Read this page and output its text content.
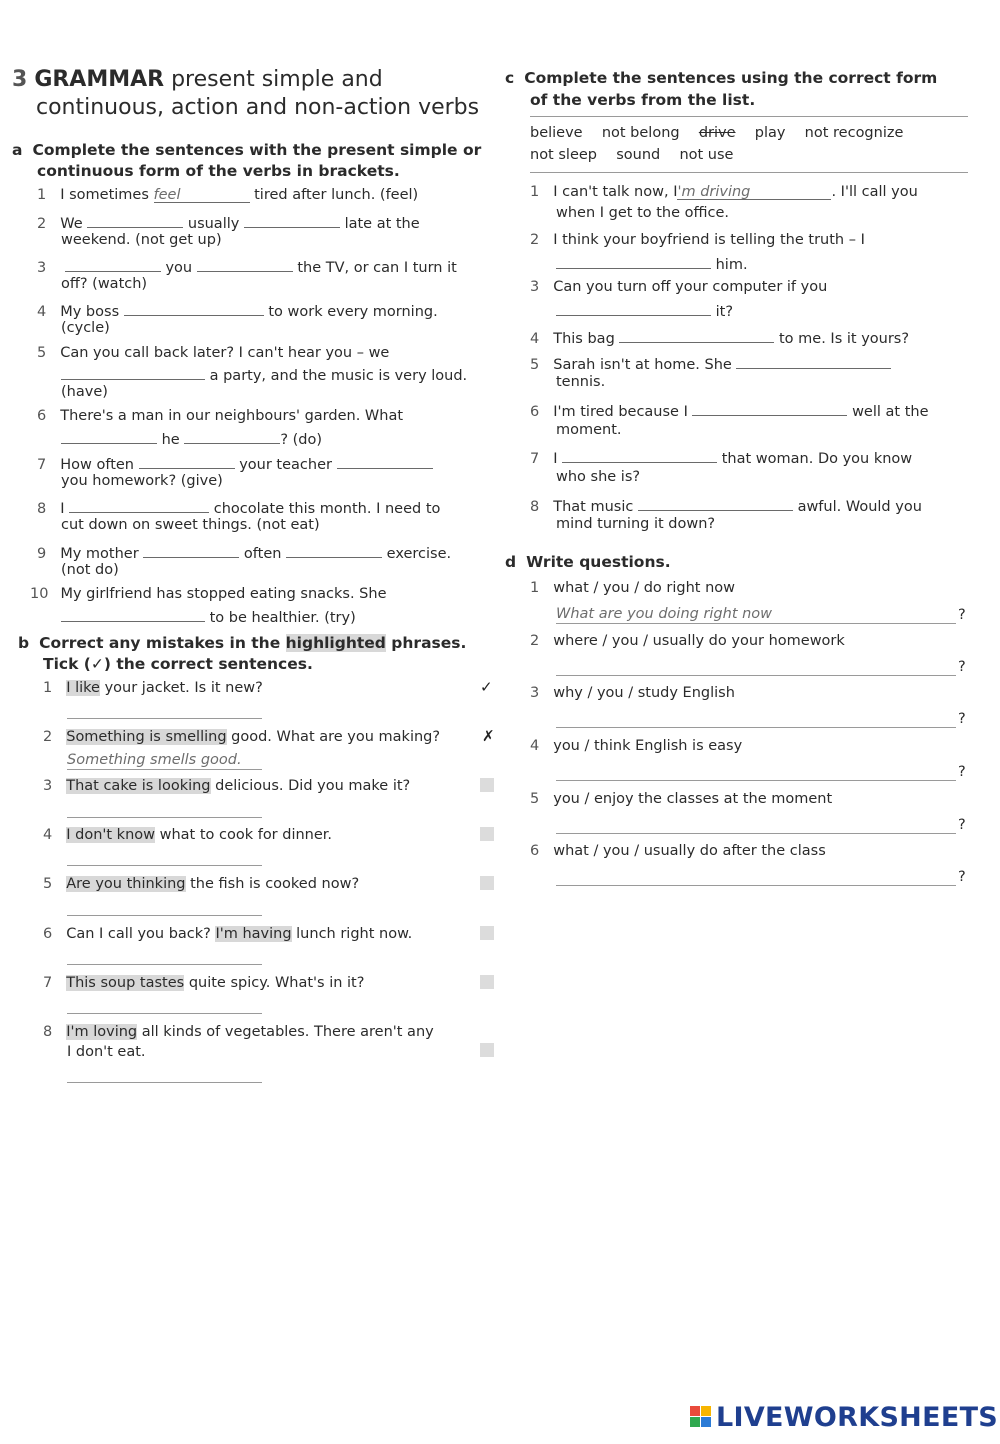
3 GRAMMAR present simple and
continuous, action and non-action verbs
a Complete the sentences with the present simple or
continuous form of the verbs in brackets.
1 I sometimes feel	tired after lunch. (feel)
2 We	usually	late at the
weekend. (not get up)
3	you	the TV, or can I turn it
off? (watch)
4 My boss	to work every morning.
(cycle)
5 Can you call back later? I can't hear you – we
a party, and the music is very loud.
(have)
6 There's a man in our neighbours' garden. What
he	? (do)
7 How often	your teacher
you homework? (give)
8 I	chocolate this month. I need to
cut down on sweet things. (not eat)
9 My mother	often	exercise.
(not do)
10 My girlfriend has stopped eating snacks. She
to be healthier. (try)
b Correct any mistakes in the highlighted phrases.
Tick (✓) the correct sentences.
1 I like your jacket. Is it new?	✓
2 Something is smelling good. What are you making?	✗
Something smells good.
3 That cake is looking delicious. Did you make it?
4 I don't know what to cook for dinner.
5 Are you thinking the fish is cooked now?
6 Can I call you back? I'm having lunch right now.
7 This soup tastes quite spicy. What's in it?
8 I'm loving all kinds of vegetables. There aren't any
I don't eat.
c Complete the sentences using the correct form
of the verbs from the list.
believe not belong drive play not recognize
not sleep sound not use
1 I can't talk now, I'm driving	. I'll call you
when I get to the office.
2 I think your boyfriend is telling the truth – I
him.
3 Can you turn off your computer if you
it?
4 This bag	to me. Is it yours?
5 Sarah isn't at home. She
tennis.
6 I'm tired because I	well at the
moment.
7 I	that woman. Do you know
who she is?
8 That music	awful. Would you
mind turning it down?
d Write questions.
1 what / you / do right now
What are you doing right now	?
2 where / you / usually do your homework
?
3 why / you / study English
?
4 you / think English is easy
?
5 you / enjoy the classes at the moment
?
6 what / you / usually do after the class
?
LIVEWORKSHEETS
